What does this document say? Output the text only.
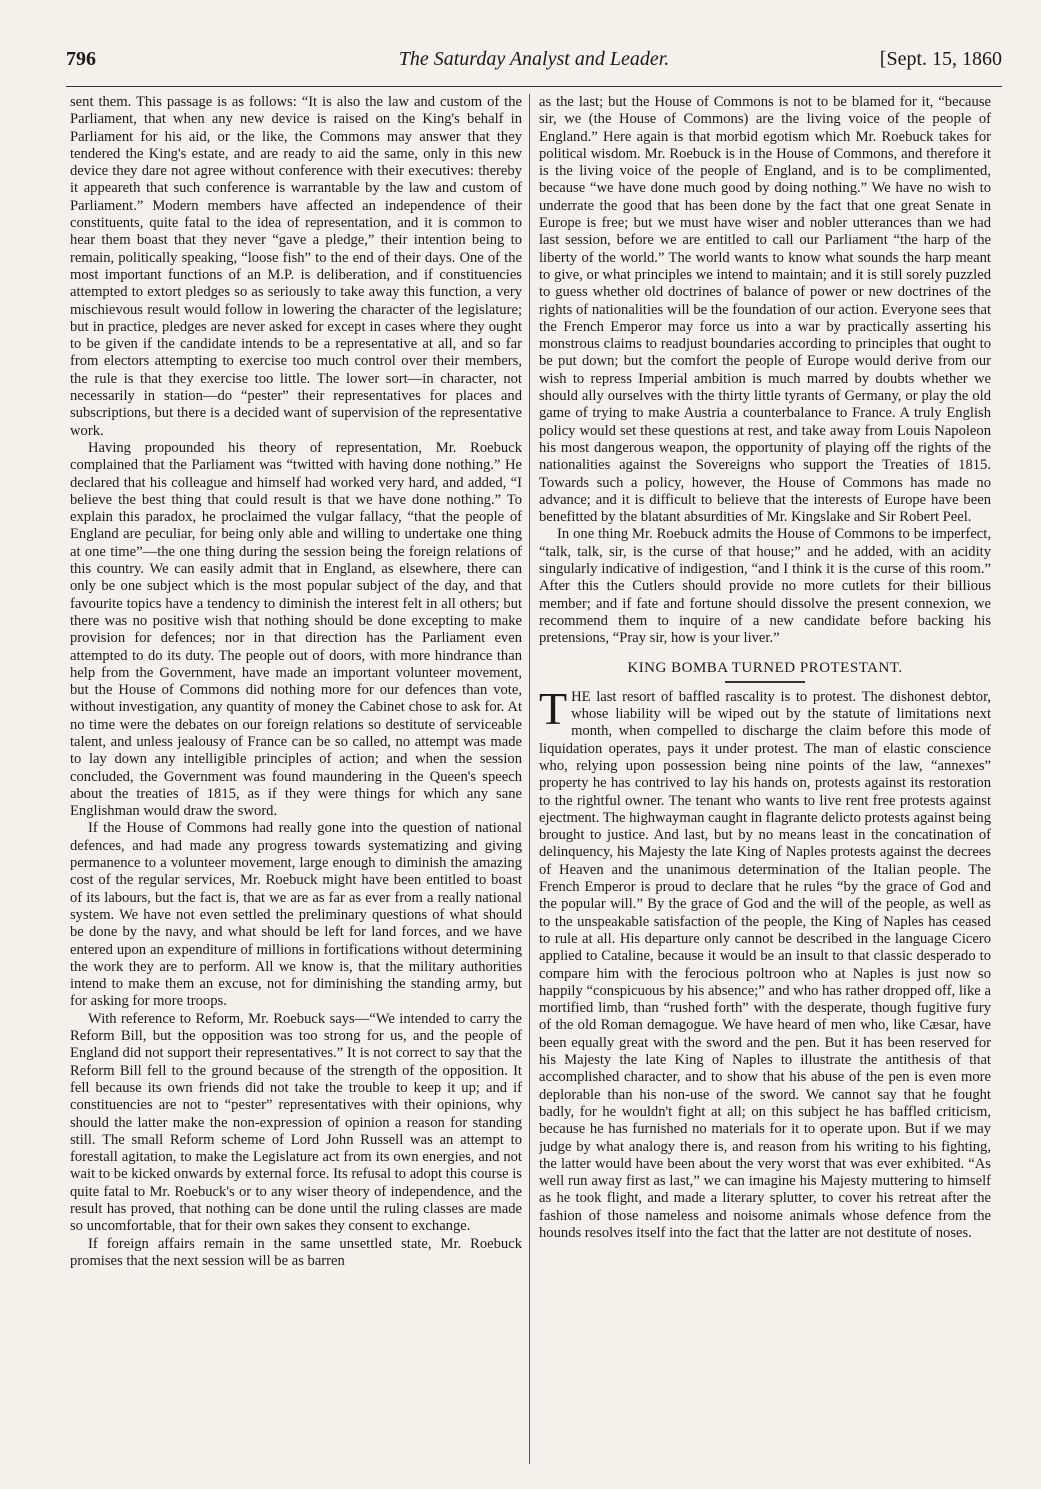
796	The Saturday Analyst and Leader.	[Sept. 15, 1860

sent them. This passage is as follows: “It is also the law and custom of the Parliament, that when any new device is raised on the King's behalf in Parliament for his aid, or the like, the Commons may answer that they tendered the King's estate, and are ready to aid the same, only in this new device they dare not agree without conference with their executives: thereby it appeareth that such conference is warrantable by the law and custom of Parliament.” Modern members have affected an independence of their constituents, quite fatal to the idea of representation, and it is common to hear them boast that they never “gave a pledge,” their intention being to remain, politically speaking, “loose fish” to the end of their days. One of the most important functions of an M.P. is deliberation, and if constituencies attempted to extort pledges so as seriously to take away this function, a very mischievous result would follow in lowering the character of the legislature; but in practice, pledges are never asked for except in cases where they ought to be given if the candidate intends to be a representative at all, and so far from electors attempting to exercise too much control over their members, the rule is that they exercise too little. The lower sort—in character, not necessarily in station—do “pester” their representatives for places and subscriptions, but there is a decided want of supervision of the representative work.

Having propounded his theory of representation, Mr. Roebuck complained that the Parliament was “twitted with having done nothing.” He declared that his colleague and himself had worked very hard, and added, “I believe the best thing that could result is that we have done nothing.” To explain this paradox, he proclaimed the vulgar fallacy, “that the people of England are peculiar, for being only able and willing to undertake one thing at one time”—the one thing during the session being the foreign relations of this country. We can easily admit that in England, as elsewhere, there can only be one subject which is the most popular subject of the day, and that favourite topics have a tendency to diminish the interest felt in all others; but there was no positive wish that nothing should be done excepting to make provision for defences; nor in that direction has the Parliament even attempted to do its duty. The people out of doors, with more hindrance than help from the Government, have made an important volunteer movement, but the House of Commons did nothing more for our defences than vote, without investigation, any quantity of money the Cabinet chose to ask for. At no time were the debates on our foreign relations so destitute of serviceable talent, and unless jealousy of France can be so called, no attempt was made to lay down any intelligible principles of action; and when the session concluded, the Government was found maundering in the Queen's speech about the treaties of 1815, as if they were things for which any sane Englishman would draw the sword.

If the House of Commons had really gone into the question of national defences, and had made any progress towards systematizing and giving permanence to a volunteer movement, large enough to diminish the amazing cost of the regular services, Mr. Roebuck might have been entitled to boast of its labours, but the fact is, that we are as far as ever from a really national system. We have not even settled the preliminary questions of what should be done by the navy, and what should be left for land forces, and we have entered upon an expenditure of millions in fortifications without determining the work they are to perform. All we know is, that the military authorities intend to make them an excuse, not for diminishing the standing army, but for asking for more troops.

With reference to Reform, Mr. Roebuck says—“We intended to carry the Reform Bill, but the opposition was too strong for us, and the people of England did not support their representatives.” It is not correct to say that the Reform Bill fell to the ground because of the strength of the opposition. It fell because its own friends did not take the trouble to keep it up; and if constituencies are not to “pester” representatives with their opinions, why should the latter make the non-expression of opinion a reason for standing still. The small Reform scheme of Lord John Russell was an attempt to forestall agitation, to make the Legislature act from its own energies, and not wait to be kicked onwards by external force. Its refusal to adopt this course is quite fatal to Mr. Roebuck's or to any wiser theory of independence, and the result has proved, that nothing can be done until the ruling classes are made so uncomfortable, that for their own sakes they consent to exchange.

If foreign affairs remain in the same unsettled state, Mr. Roebuck promises that the next session will be as barren

as the last; but the House of Commons is not to be blamed for it, “because sir, we (the House of Commons) are the living voice of the people of England.” Here again is that morbid egotism which Mr. Roebuck takes for political wisdom. Mr. Roebuck is in the House of Commons, and therefore it is the living voice of the people of England, and is to be complimented, because “we have done much good by doing nothing.” We have no wish to underrate the good that has been done by the fact that one great Senate in Europe is free; but we must have wiser and nobler utterances than we had last session, before we are entitled to call our Parliament “the harp of the liberty of the world.” The world wants to know what sounds the harp meant to give, or what principles we intend to maintain; and it is still sorely puzzled to guess whether old doctrines of balance of power or new doctrines of the rights of nationalities will be the foundation of our action. Everyone sees that the French Emperor may force us into a war by practically asserting his monstrous claims to readjust boundaries according to principles that ought to be put down; but the comfort the people of Europe would derive from our wish to repress Imperial ambition is much marred by doubts whether we should ally ourselves with the thirty little tyrants of Germany, or play the old game of trying to make Austria a counterbalance to France. A truly English policy would set these questions at rest, and take away from Louis Napoleon his most dangerous weapon, the opportunity of playing off the rights of the nationalities against the Sovereigns who support the Treaties of 1815. Towards such a policy, however, the House of Commons has made no advance; and it is difficult to believe that the interests of Europe have been benefitted by the blatant absurdities of Mr. Kingslake and Sir Robert Peel.

In one thing Mr. Roebuck admits the House of Commons to be imperfect, “talk, talk, sir, is the curse of that house;” and he added, with an acidity singularly indicative of indigestion, “and I think it is the curse of this room.” After this the Cutlers should provide no more cutlets for their billious member; and if fate and fortune should dissolve the present connexion, we recommend them to inquire of a new candidate before backing his pretensions, “Pray sir, how is your liver.”

KING BOMBA TURNED PROTESTANT.

THE last resort of baffled rascality is to protest. The dishonest debtor, whose liability will be wiped out by the statute of limitations next month, when compelled to discharge the claim before this mode of liquidation operates, pays it under protest. The man of elastic conscience who, relying upon possession being nine points of the law, “annexes” property he has contrived to lay his hands on, protests against its restoration to the rightful owner. The tenant who wants to live rent free protests against ejectment. The highwayman caught in flagrante delicto protests against being brought to justice. And last, but by no means least in the concatination of delinquency, his Majesty the late King of Naples protests against the decrees of Heaven and the unanimous determination of the Italian people. The French Emperor is proud to declare that he rules “by the grace of God and the popular will.” By the grace of God and the will of the people, as well as to the unspeakable satisfaction of the people, the King of Naples has ceased to rule at all. His departure only cannot be described in the language Cicero applied to Cataline, because it would be an insult to that classic desperado to compare him with the ferocious poltroon who at Naples is just now so happily “conspicuous by his absence;” and who has rather dropped off, like a mortified limb, than “rushed forth” with the desperate, though fugitive fury of the old Roman demagogue. We have heard of men who, like Cæsar, have been equally great with the sword and the pen. But it has been reserved for his Majesty the late King of Naples to illustrate the antithesis of that accomplished character, and to show that his abuse of the pen is even more deplorable than his non-use of the sword. We cannot say that he fought badly, for he wouldn't fight at all; on this subject he has baffled criticism, because he has furnished no materials for it to operate upon. But if we may judge by what analogy there is, and reason from his writing to his fighting, the latter would have been about the very worst that was ever exhibited. “As well run away first as last,” we can imagine his Majesty muttering to himself as he took flight, and made a literary splutter, to cover his retreat after the fashion of those nameless and noisome animals whose defence from the hounds resolves itself into the fact that the latter are not destitute of noses.
